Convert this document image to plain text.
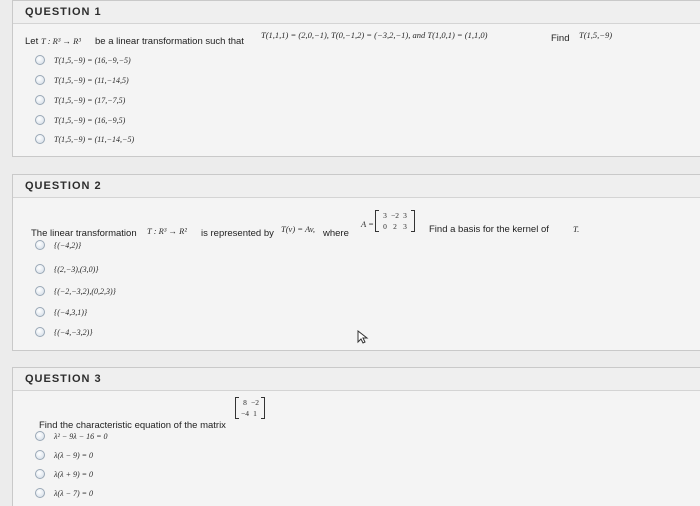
QUESTION 1
Let T : R³ → R³ be a linear transformation such that
T(1,1,1) = (2,0,−1), T(0,−1,2) = (−3,2,−1), and T(1,0,1) = (1,1,0)	Find T(1,5,−9)
T(1,5,−9) = (16,−9,−5)
T(1,5,−9) = (11,−14,5)
T(1,5,−9) = (17,−7,5)
T(1,5,−9) = (16,−9,5)
T(1,5,−9) = (11,−14,−5)
QUESTION 2
The linear transformation T : R³ → R² is represented by T(v) = Av, where
A =
3 −2 3
0 2 3	Find a basis for the kernel of	T.
{(−4,2)}
{(2,−3),(3,0)}
{(−2,−3,2),(0,2,3)}
{(−4,3,1)}
{(−4,−3,2)}
QUESTION 3
Find the characteristic equation of the matrix
8 −2
−4 1
λ² − 9λ − 16 = 0
λ(λ − 9) = 0
λ(λ + 9) = 0
λ(λ − 7) = 0
